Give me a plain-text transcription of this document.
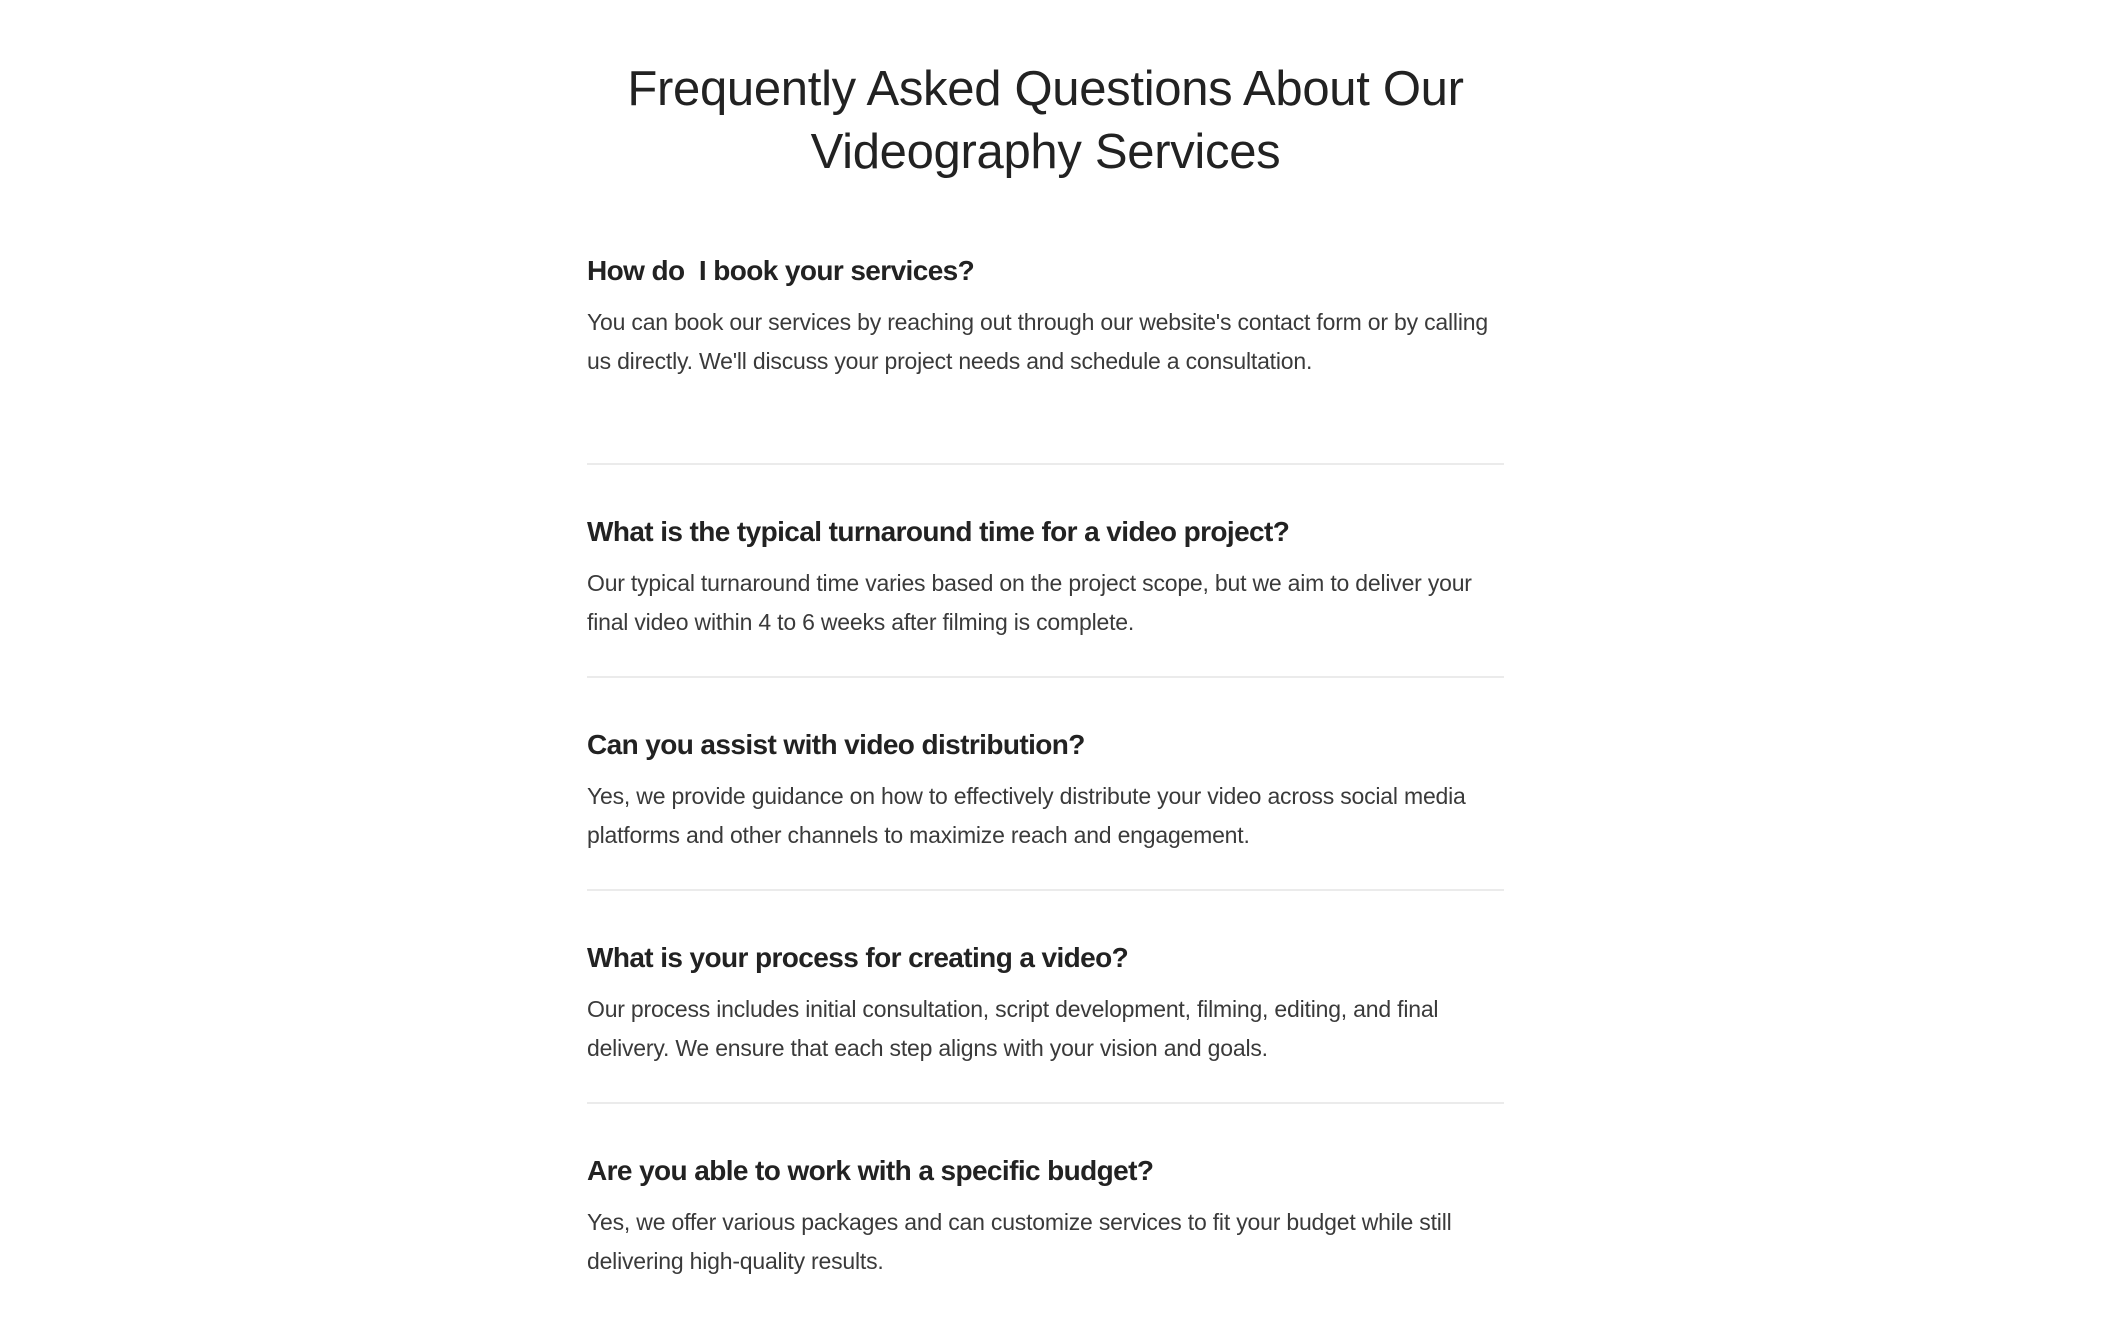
Frequently Asked Questions About Our
Videography Services
How do  I book your services?

You can book our services by reaching out through our website's contact form or by calling us directly. We'll discuss your project needs and schedule a consultation.

What is the typical turnaround time for a video project?

Our typical turnaround time varies based on the project scope, but we aim to deliver your final video within 4 to 6 weeks after filming is complete.

Can you assist with video distribution?

Yes, we provide guidance on how to effectively distribute your video across social media platforms and other channels to maximize reach and engagement.

What is your process for creating a video?

Our process includes initial consultation, script development, filming, editing, and final delivery. We ensure that each step aligns with your vision and goals.

Are you able to work with a specific budget?

Yes, we offer various packages and can customize services to fit your budget while still delivering high-quality results.
